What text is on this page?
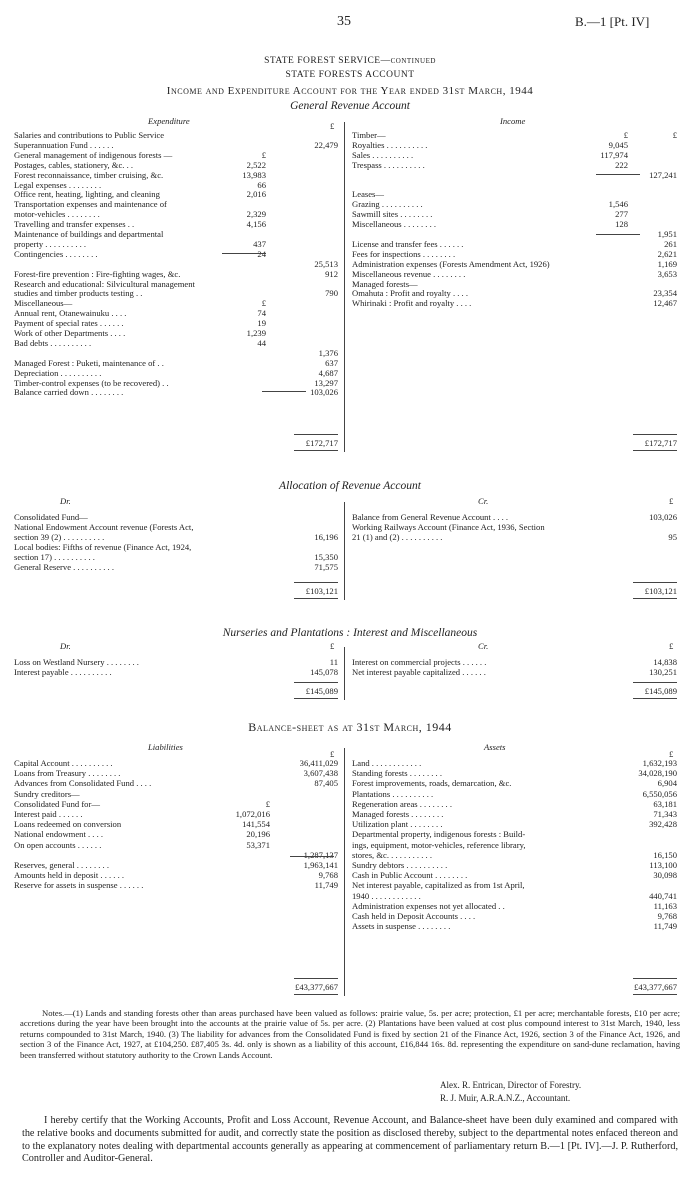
35	B.—1 [Pt. IV]
STATE FOREST SERVICE—continued
STATE FORESTS ACCOUNT
Income and Expenditure Account for the Year ended 31st March, 1944
General Revenue Account
Expenditure	Income
£
Salaries and contributions to Public Service
Superannuation Fund . . . . . .	22,479
General management of indigenous forests —	£
Postages, cables, stationery, &c. . .	2,522
Forest reconnaissance, timber cruising, &c.	13,983
Legal expenses . . . . . . . .	66
Office rent, heating, lighting, and cleaning	2,016
Transportation expenses and maintenance of
motor-vehicles . . . . . . . .	2,329
Travelling and transfer expenses . .	4,156
Maintenance of buildings and departmental
property . . . . . . . . . .	437
Contingencies . . . . . . . .	24
25,513
Forest-fire prevention : Fire-fighting wages, &c.	912
Research and educational: Silvicultural management
studies and timber products testing . .	790
Miscellaneous—	£
Annual rent, Otanewainuku . . . .	74
Payment of special rates . . . . . .	19
Work of other Departments . . . .	1,239
Bad debts . . . . . . . . . .	44
1,376
Managed Forest : Puketi, maintenance of . .	637
Depreciation . . . . . . . . . .	4,687
Timber-control expenses (to be recovered) . .	13,297
Balance carried down . . . . . . . .	103,026
Timber—	£	£
Royalties . . . . . . . . . .	9,045
Sales . . . . . . . . . .	117,974
Trespass . . . . . . . . . .	222
127,241
Leases—
Grazing . . . . . . . . . .	1,546
Sawmill sites . . . . . . . .	277
Miscellaneous . . . . . . . .	128
1,951
License and transfer fees . . . . . .	261
Fees for inspections . . . . . . . .	2,621
Administration expenses (Forests Amendment Act, 1926)	1,169
Miscellaneous revenue . . . . . . . .	3,653
Managed forests—
Omahuta : Profit and royalty . . . .	23,354
Whirinaki : Profit and royalty . . . .	12,467
£172,717	£172,717
Allocation of Revenue Account
Dr.	Cr.	£
Consolidated Fund—
National Endowment Account revenue (Forests Act,
section 39 (2) . . . . . . . . . .	16,196
Local bodies: Fifths of revenue (Finance Act, 1924,
section 17) . . . . . . . . . .	15,350
General Reserve . . . . . . . . . .	71,575
Balance from General Revenue Account . . . .	103,026
Working Railways Account (Finance Act, 1936, Section
21 (1) and (2) . . . . . . . . . .	95
£103,121	£103,121
Nurseries and Plantations : Interest and Miscellaneous
Dr.	Cr.
£	£
Loss on Westland Nursery . . . . . . . .	11
Interest payable . . . . . . . . . .	145,078
Interest on commercial projects . . . . . .	14,838
Net interest payable capitalized . . . . . .	130,251
£145,089	£145,089
Balance-sheet as at 31st March, 1944
Liabilities	Assets
£	£
Capital Account . . . . . . . . . .	36,411,029
Loans from Treasury . . . . . . . .	3,607,438
Advances from Consolidated Fund . . . .	87,405
Sundry creditors—
Consolidated Fund for—	£
Interest paid . . . . . .	1,072,016
Loans redeemed on conversion	141,554
National endowment . . . .	20,196
On open accounts . . . . . .	53,371
1,287,137
Reserves, general . . . . . . . .	1,963,141
Amounts held in deposit . . . . . .	9,768
Reserve for assets in suspense . . . . . .	11,749
Land . . . . . . . . . . . .	1,632,193
Standing forests . . . . . . . .	34,028,190
Forest improvements, roads, demarcation, &c.	6,904
Plantations . . . . . . . . . .	6,550,056
Regeneration areas . . . . . . . .	63,181
Managed forests . . . . . . . .	71,343
Utilization plant . . . . . . . .	392,428
Departmental property, indigenous forests : Build-
ings, equipment, motor-vehicles, reference library,
stores, &c. . . . . . . . . . .	16,150
Sundry debtors . . . . . . . . . .	113,100
Cash in Public Account . . . . . . . .	30,098
Net interest payable, capitalized as from 1st April,
1940 . . . . . . . . . . . .	440,741
Administration expenses not yet allocated . .	11,163
Cash held in Deposit Accounts . . . .	9,768
Assets in suspense . . . . . . . .	11,749
£43,377,667	£43,377,667
Notes.—(1) Lands and standing forests other than areas purchased have been valued as follows: prairie value, 5s. per acre; protection, £1 per acre; merchantable forests, £10 per acre; accretions during the year have been brought into the accounts at the prairie value of 5s. per acre. (2) Plantations have been valued at cost plus compound interest to 31st March, 1940, less returns compounded to 31st March, 1940. (3) The liability for advances from the Consolidated Fund is fixed by section 21 of the Finance Act, 1926, section 3 of the Finance Act, 1926, and section 3 of the Finance Act, 1927, at £104,250. £87,405 3s. 4d. only is shown as a liability of this account, £16,844 16s. 8d. representing the expenditure on sand-dune reclamation, having been transferred without statutory authority to the Crown Lands Account.
Alex. R. Entrican, Director of Forestry.
R. J. Muir, A.R.A.N.Z., Accountant.
I hereby certify that the Working Accounts, Profit and Loss Account, Revenue Account, and Balance-sheet have been duly examined and compared with the relative books and documents submitted for audit, and correctly state the position as disclosed thereby, subject to the departmental notes enfaced thereon and to the explanatory notes dealing with departmental accounts generally as appearing at commencement of parliamentary return B.—1 [Pt. IV].—J. P. Rutherford, Controller and Auditor-General.
